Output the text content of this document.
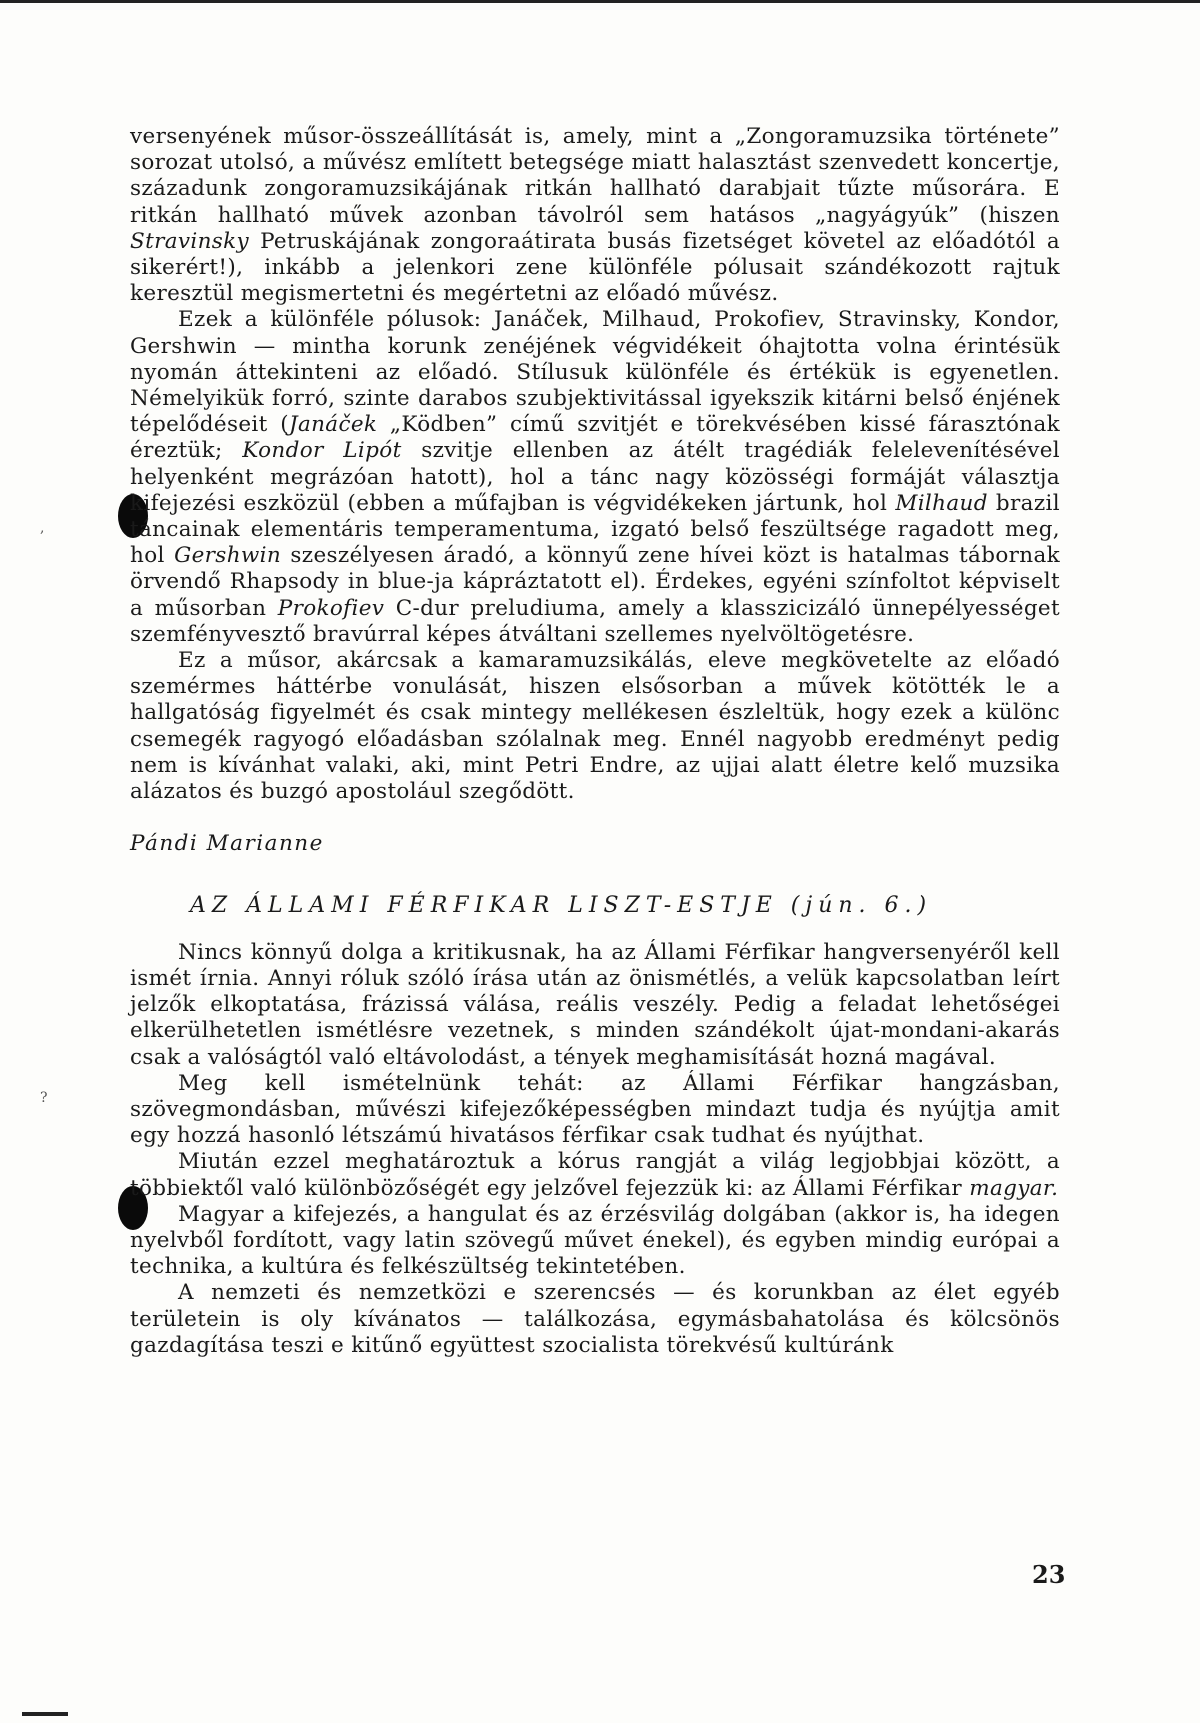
,
?

versenyének műsor-összeállítását is, amely, mint a „Zongoramuzsika története” sorozat utolsó, a művész említett betegsége miatt halasztást szenvedett koncertje, századunk zongoramuzsikájának ritkán hallható darabjait tűzte műsorára. E ritkán hallható művek azonban távolról sem hatásos „nagyágyúk” (hiszen Stravinsky Petruskájának zongoraátirata busás fizetséget követel az előadótól a sikerért!), inkább a jelenkori zene különféle pólusait szándékozott rajtuk keresztül megismertetni és megértetni az előadó művész.

Ezek a különféle pólusok: Janáček, Milhaud, Prokofiev, Stravinsky, Kondor, Gershwin — mintha korunk zenéjének végvidékeit óhajtotta volna érintésük nyomán áttekinteni az előadó. Stílusuk különféle és értékük is egyenetlen. Némelyikük forró, szinte darabos szubjektivitással igyekszik kitárni belső énjének tépelődéseit (Janáček „Ködben” című szvitjét e törekvésében kissé fárasztónak éreztük; Kondor Lipót szvitje ellenben az átélt tragédiák felelevenítésével helyenként megrázóan hatott), hol a tánc nagy közösségi formáját választja kifejezési eszközül (ebben a műfajban is végvidékeken jártunk, hol Milhaud brazil táncainak elementáris temperamentuma, izgató belső feszültsége ragadott meg, hol Gershwin szeszélyesen áradó, a könnyű zene hívei közt is hatalmas tábornak örvendő Rhapsody in blue-ja kápráztatott el). Érdekes, egyéni színfoltot képviselt a műsorban Prokofiev C-dur preludiuma, amely a klasszicizáló ünnepélyességet szemfényvesztő bravúrral képes átváltani szellemes nyelvöltögetésre.

Ez a műsor, akárcsak a kamaramuzsikálás, eleve megkövetelte az előadó szemérmes háttérbe vonulását, hiszen elsősorban a művek kötötték le a hallgatóság figyelmét és csak mintegy mellékesen észleltük, hogy ezek a különc csemegék ragyogó előadásban szólalnak meg. Ennél nagyobb eredményt pedig nem is kívánhat valaki, aki, mint Petri Endre, az ujjai alatt életre kelő muzsika alázatos és buzgó apostolául szegődött.

Pándi Marianne

AZ ÁLLAMI FÉRFIKAR LISZT-ESTJE (jún. 6.)

Nincs könnyű dolga a kritikusnak, ha az Állami Férfikar hangversenyéről kell ismét írnia. Annyi róluk szóló írása után az önismétlés, a velük kapcsolatban leírt jelzők elkoptatása, frázissá válása, reális veszély. Pedig a feladat lehetőségei elkerülhetetlen ismétlésre vezetnek, s minden szándékolt újat-mondani-akarás csak a valóságtól való eltávolodást, a tények meghamisítását hozná magával.

Meg kell ismételnünk tehát: az Állami Férfikar hangzásban, szövegmondásban, művészi kifejezőképességben mindazt tudja és nyújtja amit egy hozzá hasonló létszámú hivatásos férfikar csak tudhat és nyújthat.

Miután ezzel meghatároztuk a kórus rangját a világ legjobbjai között, a többiektől való különbözőségét egy jelzővel fejezzük ki: az Állami Férfikar magyar.

Magyar a kifejezés, a hangulat és az érzésvilág dolgában (akkor is, ha idegen nyelvből fordított, vagy latin szövegű művet énekel), és egyben mindig európai a technika, a kultúra és felkészültség tekintetében.

A nemzeti és nemzetközi e szerencsés — és korunkban az élet egyéb területein is oly kívánatos — találkozása, egymásbahatolása és kölcsönös gazdagítása teszi e kitűnő együttest szocialista törekvésű kultúránk

23
